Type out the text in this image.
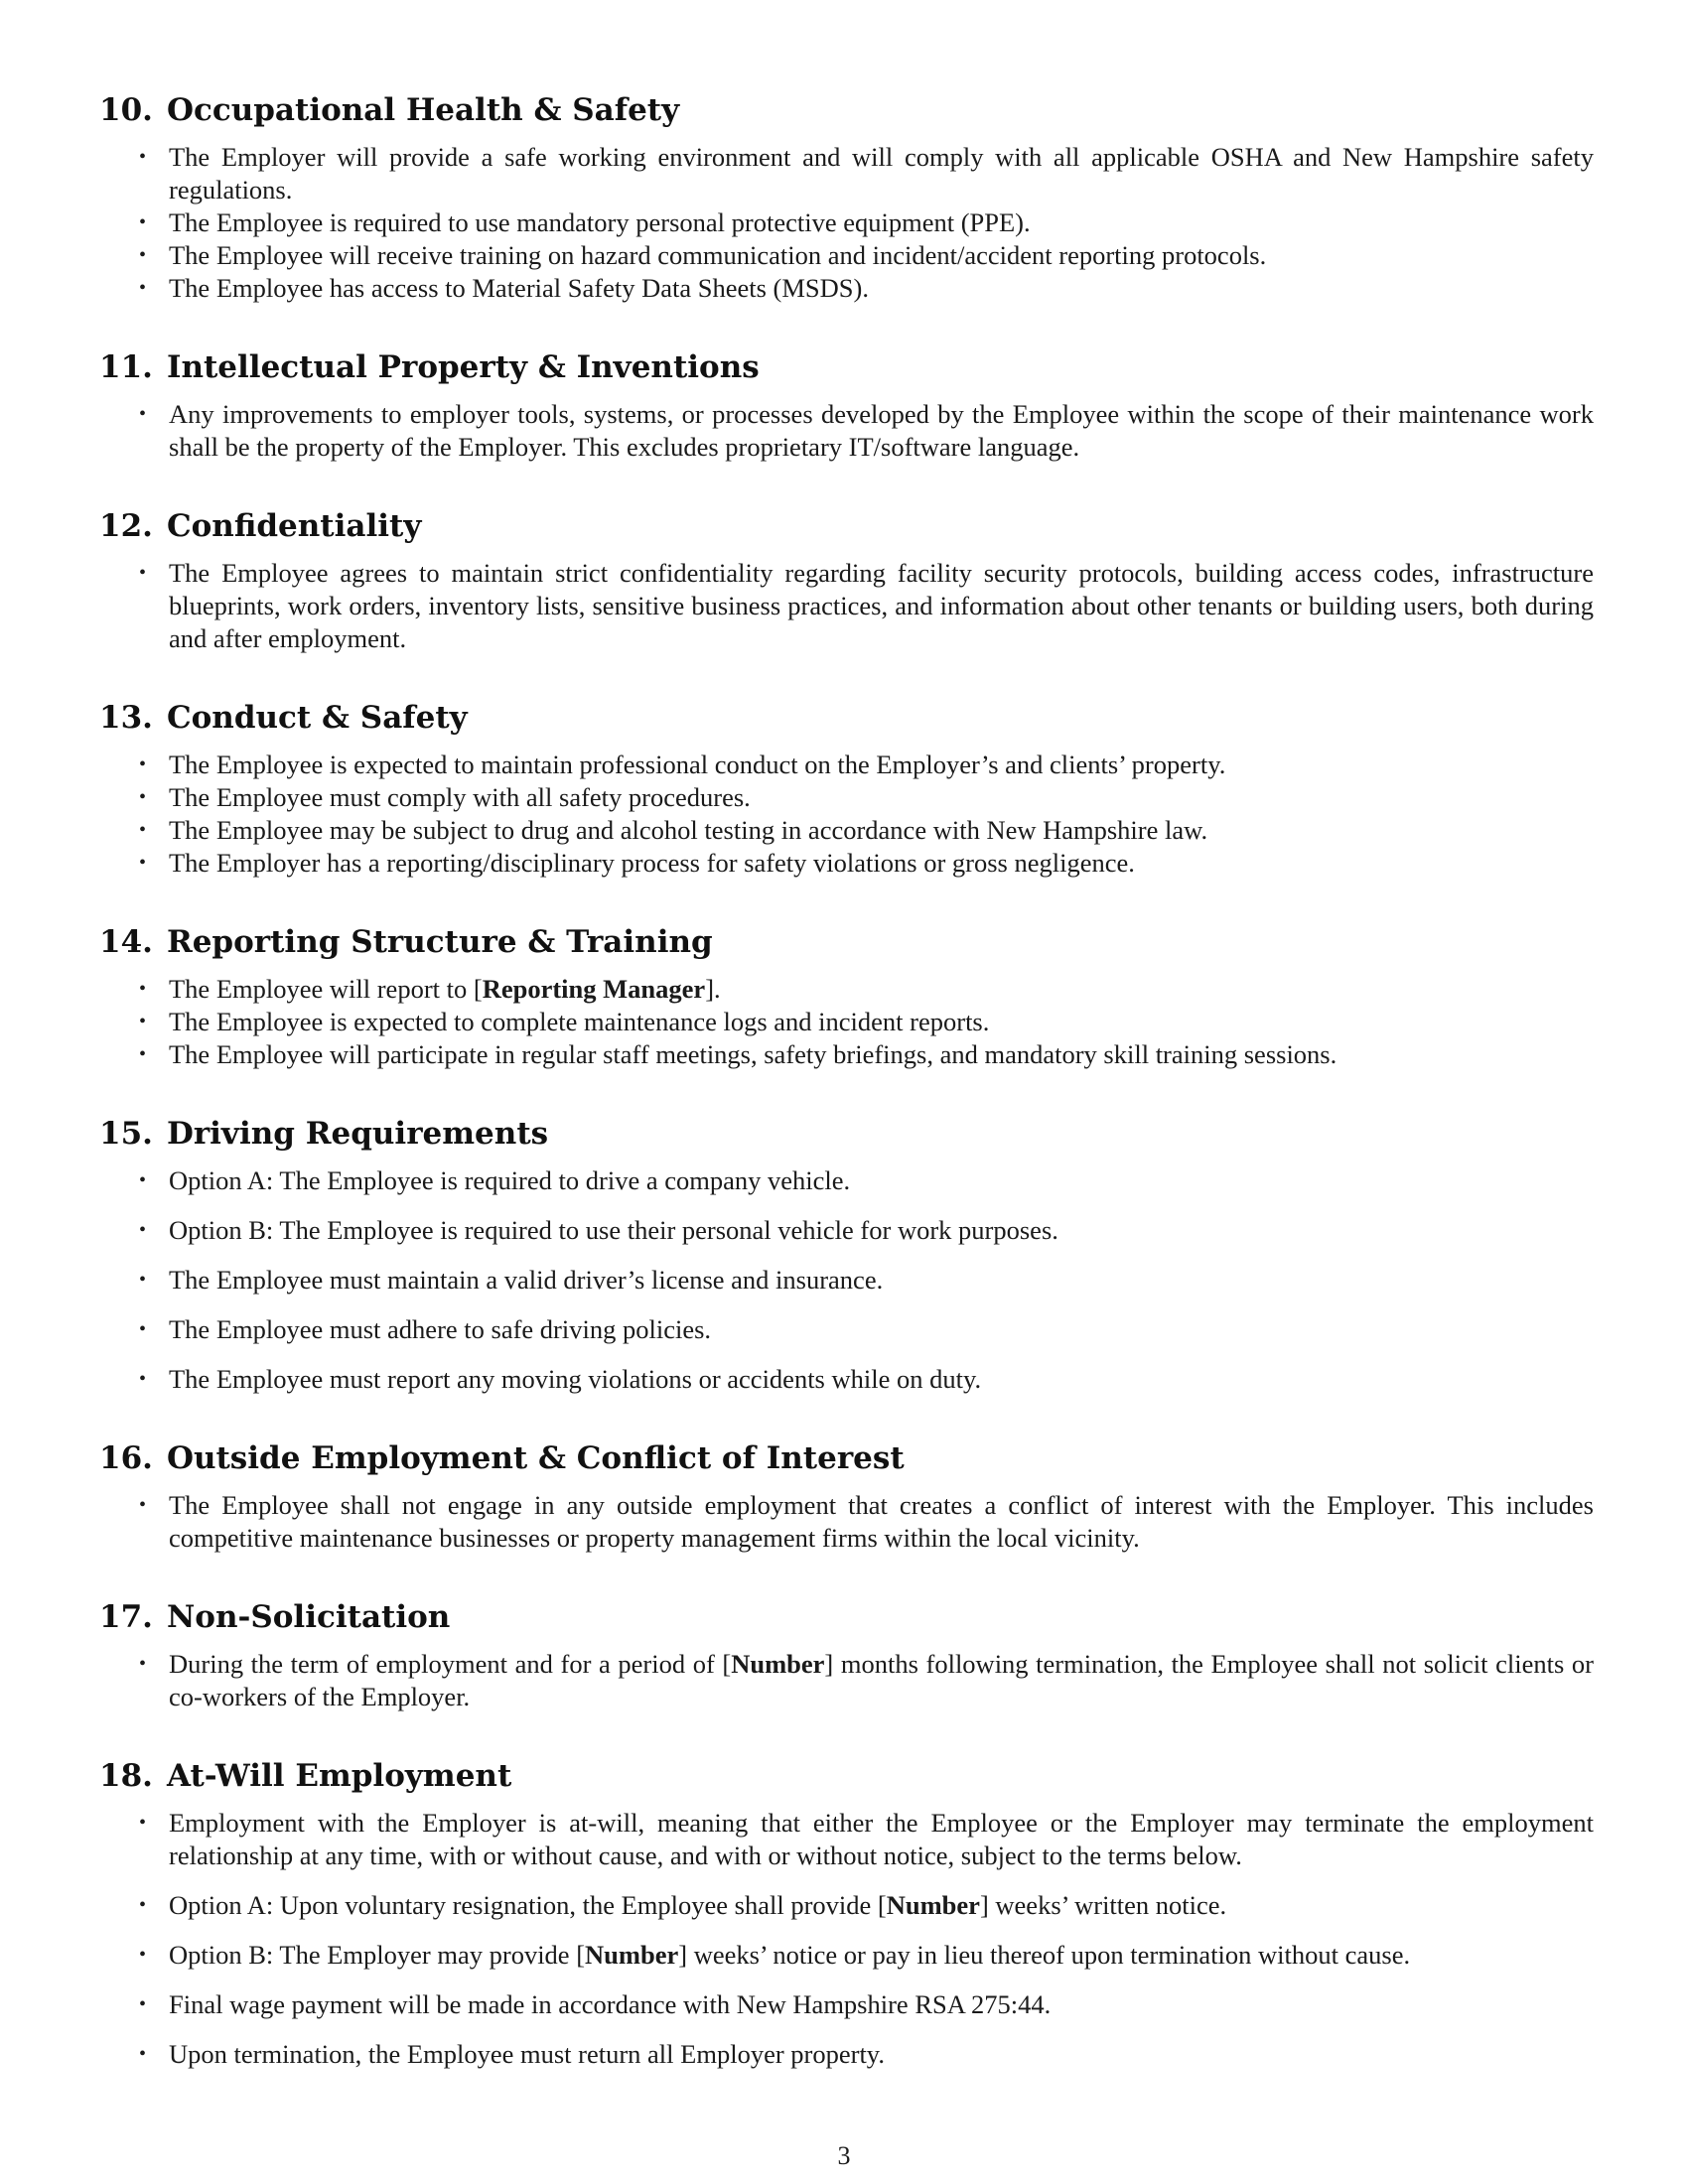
10. Occupational Health & Safety
• The Employer will provide a safe working environment and will comply with all applicable OSHA and New Hampshire safety regulations.
• The Employee is required to use mandatory personal protective equipment (PPE).
• The Employee will receive training on hazard communication and incident/accident reporting protocols.
• The Employee has access to Material Safety Data Sheets (MSDS).
11. Intellectual Property & Inventions
• Any improvements to employer tools, systems, or processes developed by the Employee within the scope of their maintenance work shall be the property of the Employer. This excludes proprietary IT/software language.
12. Confidentiality
• The Employee agrees to maintain strict confidentiality regarding facility security protocols, building access codes, infrastructure blueprints, work orders, inventory lists, sensitive business practices, and information about other tenants or building users, both during and after employment.
13. Conduct & Safety
• The Employee is expected to maintain professional conduct on the Employer’s and clients’ property.
• The Employee must comply with all safety procedures.
• The Employee may be subject to drug and alcohol testing in accordance with New Hampshire law.
• The Employer has a reporting/disciplinary process for safety violations or gross negligence.
14. Reporting Structure & Training
• The Employee will report to [Reporting Manager].
• The Employee is expected to complete maintenance logs and incident reports.
• The Employee will participate in regular staff meetings, safety briefings, and mandatory skill training sessions.
15. Driving Requirements
• Option A: The Employee is required to drive a company vehicle.
• Option B: The Employee is required to use their personal vehicle for work purposes.
• The Employee must maintain a valid driver’s license and insurance.
• The Employee must adhere to safe driving policies.
• The Employee must report any moving violations or accidents while on duty.
16. Outside Employment & Conflict of Interest
• The Employee shall not engage in any outside employment that creates a conflict of interest with the Employer. This includes competitive maintenance businesses or property management firms within the local vicinity.
17. Non-Solicitation
• During the term of employment and for a period of [Number] months following termination, the Employee shall not solicit clients or co-workers of the Employer.
18. At-Will Employment
• Employment with the Employer is at-will, meaning that either the Employee or the Employer may terminate the employment relationship at any time, with or without cause, and with or without notice, subject to the terms below.
• Option A: Upon voluntary resignation, the Employee shall provide [Number] weeks’ written notice.
• Option B: The Employer may provide [Number] weeks’ notice or pay in lieu thereof upon termination without cause.
• Final wage payment will be made in accordance with New Hampshire RSA 275:44.
• Upon termination, the Employee must return all Employer property.
3
